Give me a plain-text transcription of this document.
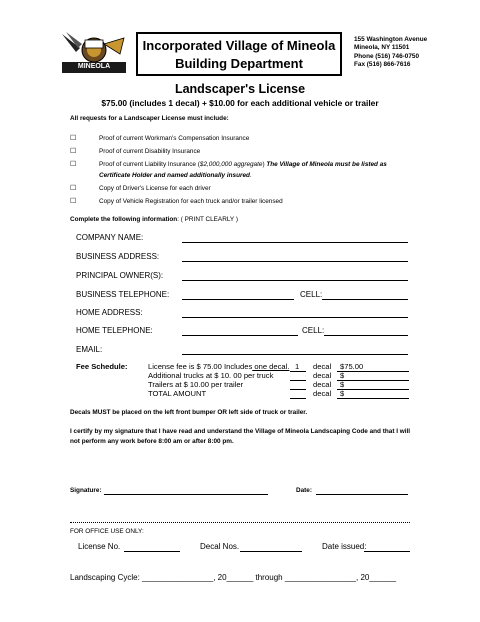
MINEOLA
Incorporated Village of Mineola
Building Department
155 Washington Avenue
Mineola, NY 11501
Phone (516) 746-0750
Fax (516) 866-7616
Landscaper's License
$75.00 (includes 1 decal) + $10.00 for each additional vehicle or trailer
All requests for a Landscaper License must include:
☐	Proof of current Workman's Compensation Insurance
☐	Proof of current Disability Insurance
☐	Proof of current Liability Insurance ($2,000,000 aggregate) The Village of Mineola must be listed as
Certificate Holder and named additionally insured.
☐	Copy of Driver's License for each driver
☐	Copy of Vehicle Registration for each truck and/or trailer licensed
Complete the following information: ( PRINT CLEARLY )
COMPANY NAME:
BUSINESS ADDRESS:
PRINCIPAL OWNER(S):
BUSINESS TELEPHONE:	CELL:
HOME ADDRESS:
HOME TELEPHONE:	CELL:
EMAIL:
Fee Schedule:	License fee is $ 75.00 Includes one decal. 1 decal $75.00
Additional trucks at $ 10. 00 per truck	decal $
Trailers at $ 10.00 per trailer	decal $
TOTAL AMOUNT	decal $
Decals MUST be placed on the left front bumper OR left side of truck or trailer.
I certify by my signature that I have read and understand the Village of Mineola Landscaping Code and that I will
not perform any work before 8:00 am or after 8:00 pm.
Signature:	Date:
FOR OFFICE USE ONLY:
License No.	Decal Nos.	Date issued:
Landscaping Cycle: ________________, 20______ through ________________, 20______
